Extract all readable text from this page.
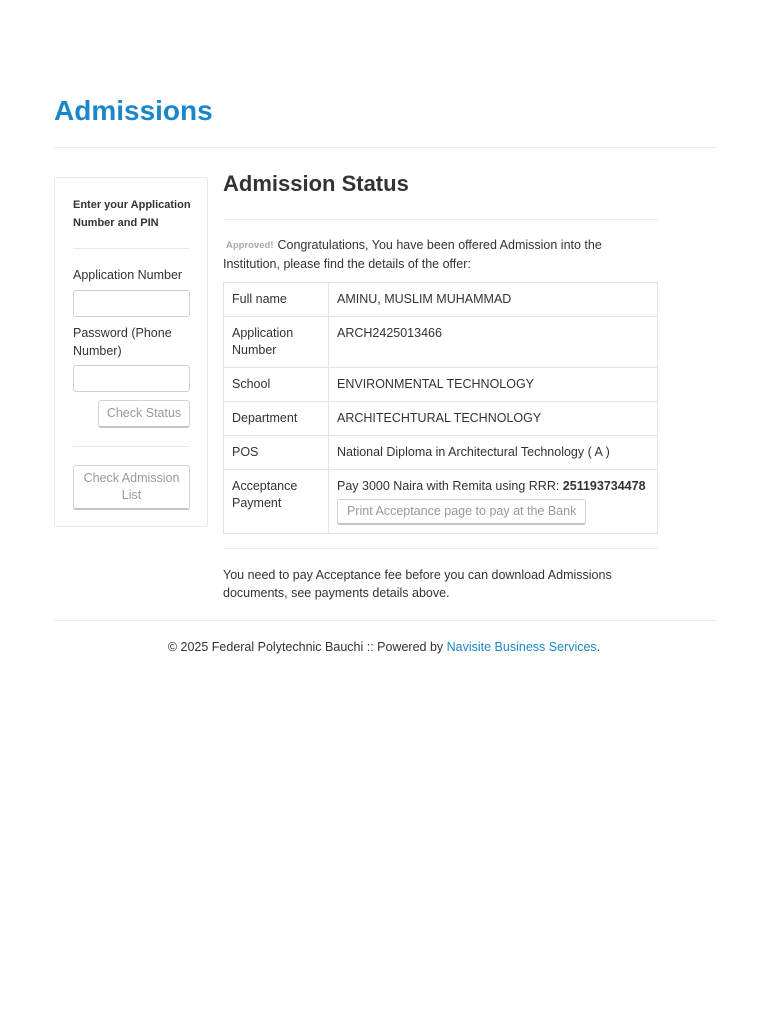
Admissions
Enter your Application Number and PIN
Application Number
Password (Phone Number)
Check Status
Check Admission List
Admission Status
Approved! Congratulations, You have been offered Admission into the Institution, please find the details of the offer:
Full name	AMINU, MUSLIM MUHAMMAD
Application Number	ARCH2425013466
School	ENVIRONMENTAL TECHNOLOGY
Department	ARCHITECHTURAL TECHNOLOGY
POS	National Diploma in Architectural Technology ( A )
Acceptance Payment	Pay 3000 Naira with Remita using RRR: 251193734478
Print Acceptance page to pay at the Bank
You need to pay Acceptance fee before you can download Admissions documents, see payments details above.
© 2025 Federal Polytechnic Bauchi :: Powered by Navisite Business Services.
